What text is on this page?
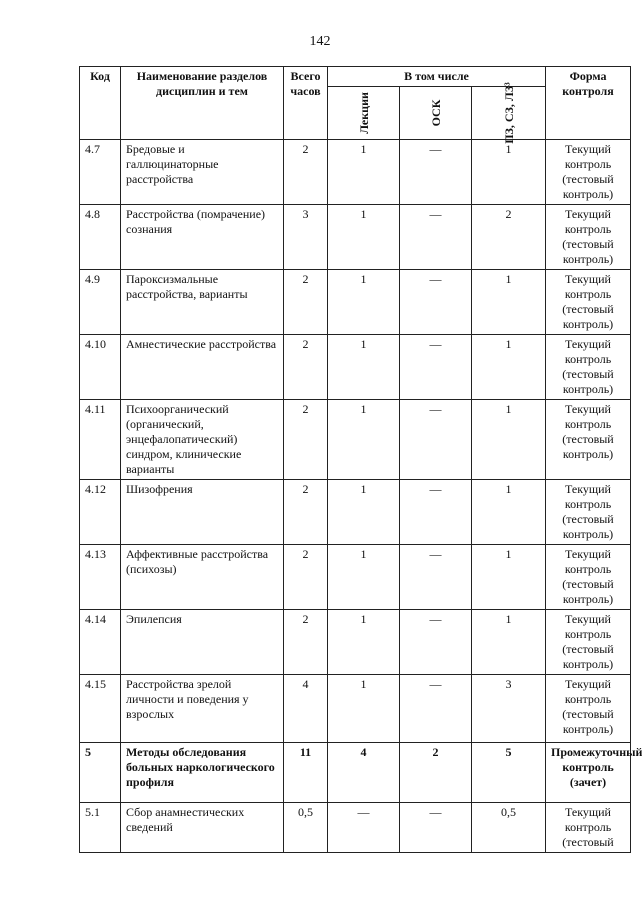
142
Код	Наименование разделов дисциплин и тем	Всего часов	В том числе			Форма контроля

			Лекции	ОСК	ПЗ, СЗ, ЛЗ³	

4.7	Бредовые и галлюцинаторные расстройства	2	1	—	1	Текущий контроль (тестовый контроль)
4.8	Расстройства (помрачение) сознания	3	1	—	2	Текущий контроль (тестовый контроль)
4.9	Пароксизмальные расстройства, варианты	2	1	—	1	Текущий контроль (тестовый контроль)
4.10	Амнестические расстройства	2	1	—	1	Текущий контроль (тестовый контроль)
4.11	Психоорганический (органический, энцефалопатический) синдром, клинические варианты	2	1	—	1	Текущий контроль (тестовый контроль)
4.12	Шизофрения	2	1	—	1	Текущий контроль (тестовый контроль)
4.13	Аффективные расстройства (психозы)	2	1	—	1	Текущий контроль (тестовый контроль)
4.14	Эпилепсия	2	1	—	1	Текущий контроль (тестовый контроль)
4.15	Расстройства зрелой личности и поведения у взрослых	4	1	—	3	Текущий контроль (тестовый контроль)
5	Методы обследования больных наркологического профиля	11	4	2	5	Промежуточный контроль (зачет)
5.1	Сбор анамнестических сведений	0,5	—	—	0,5	Текущий контроль (тестовый
